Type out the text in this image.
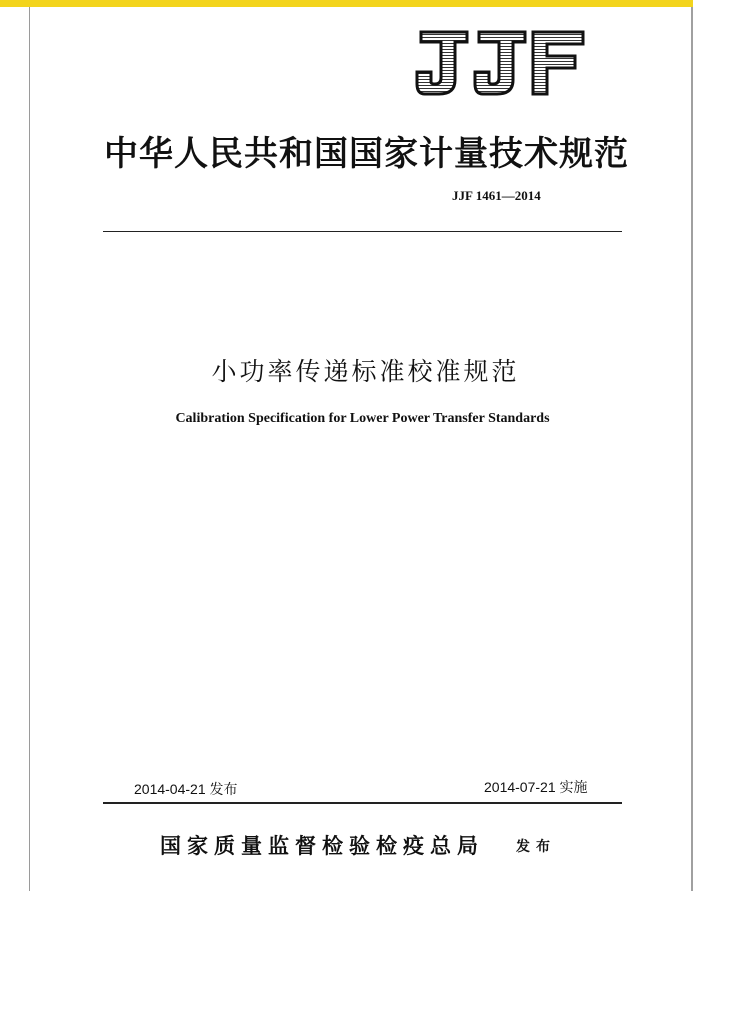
中华人民共和国国家计量技术规范
JJF 1461—2014
小功率传递标准校准规范
Calibration Specification for Lower Power Transfer Standards
2014-04-21 发布	2014-07-21 实施
国家质量监督检验检疫总局 发布
